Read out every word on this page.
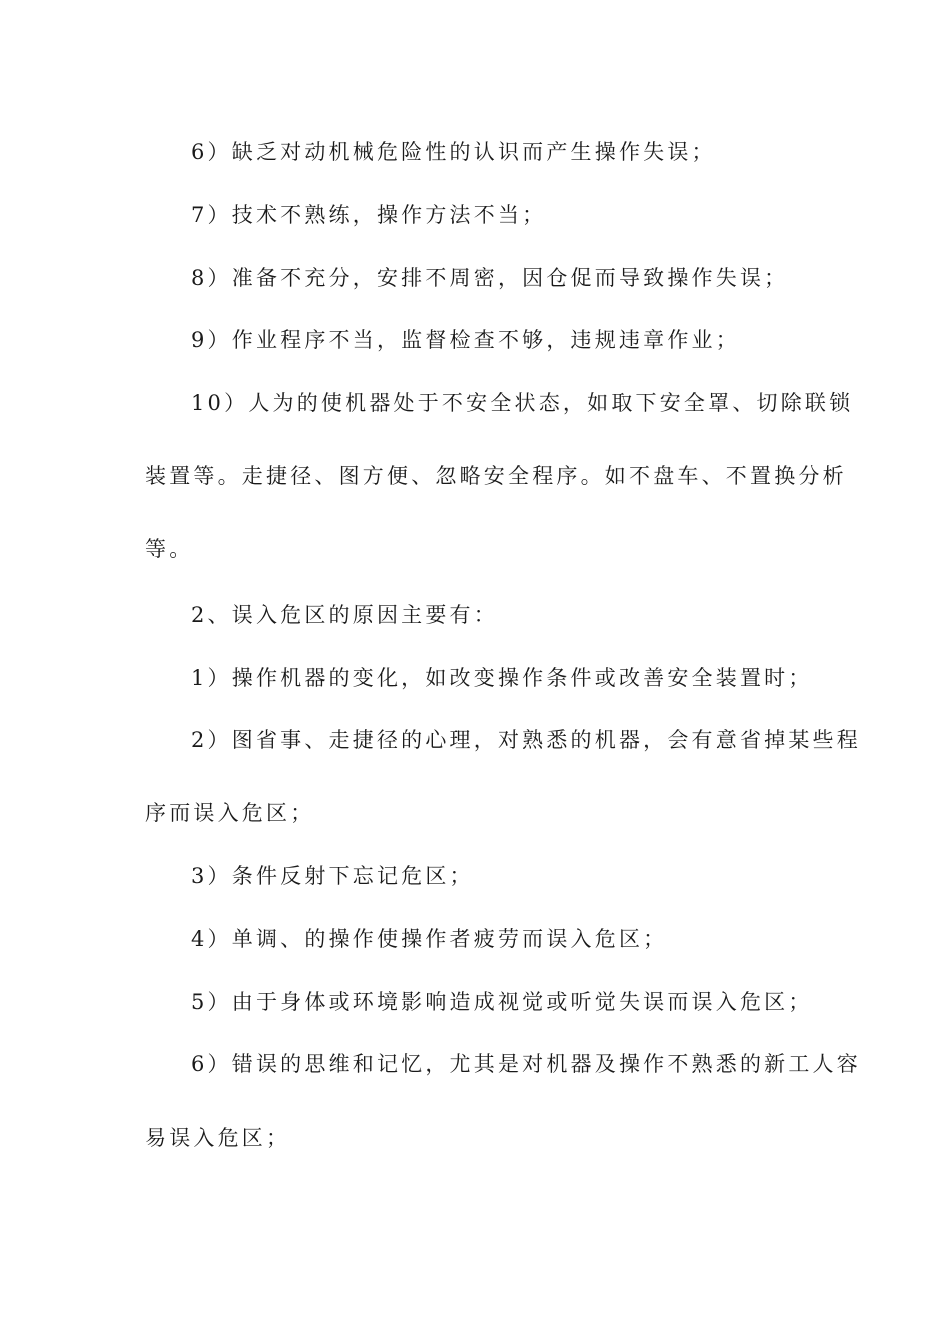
6）缺乏对动机械危险性的认识而产生操作失误；
7）技术不熟练，操作方法不当；
8）准备不充分，安排不周密，因仓促而导致操作失误；
9）作业程序不当，监督检查不够，违规违章作业；
10）人为的使机器处于不安全状态，如取下安全罩、切除联锁
装置等。走捷径、图方便、忽略安全程序。如不盘车、不置换分析
等。
2、误入危区的原因主要有：
1）操作机器的变化，如改变操作条件或改善安全装置时；
2）图省事、走捷径的心理，对熟悉的机器，会有意省掉某些程
序而误入危区；
3）条件反射下忘记危区；
4）单调、的操作使操作者疲劳而误入危区；
5）由于身体或环境影响造成视觉或听觉失误而误入危区；
6）错误的思维和记忆，尤其是对机器及操作不熟悉的新工人容
易误入危区；
